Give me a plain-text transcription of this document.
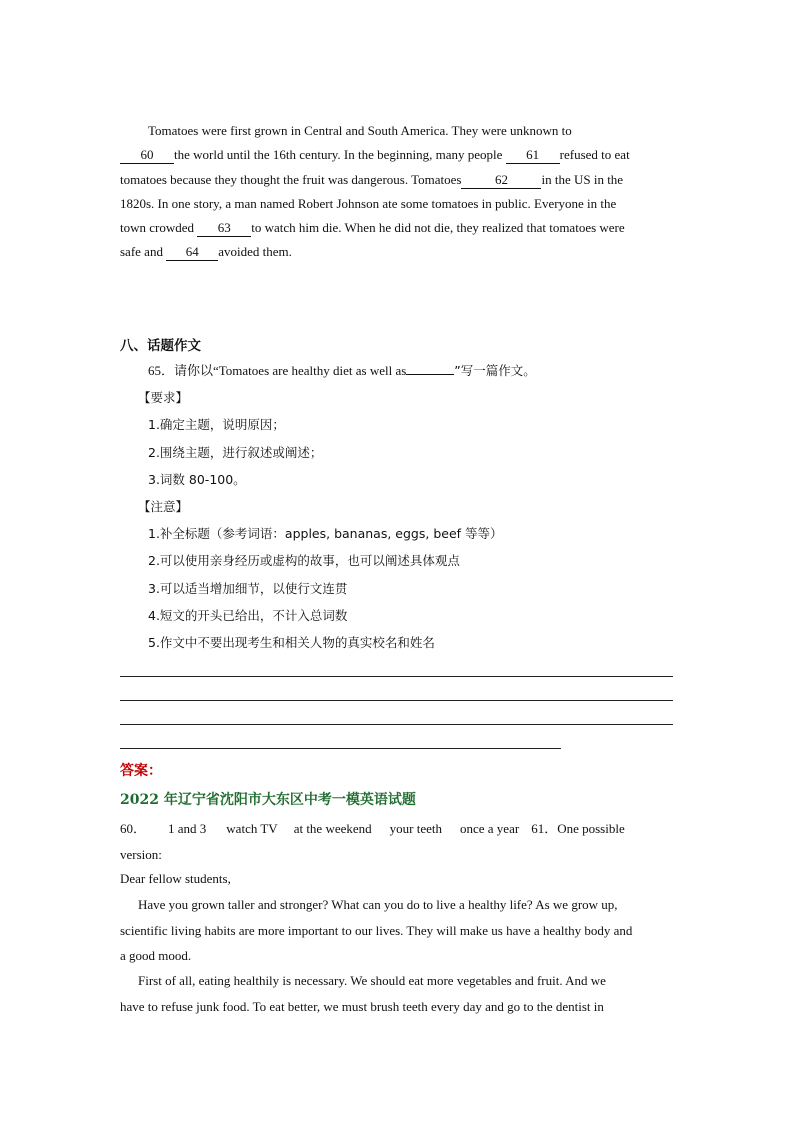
Tomatoes were first grown in Central and South America. They were unknown to
60 the world until the 16th century. In the beginning, many people 61 refused to eat
tomatoes because they thought the fruit was dangerous. Tomatoes	62	in the US in the
1820s. In one story, a man named Robert Johnson ate some tomatoes in public. Everyone in the
town crowded 63 to watch him die. When he did not die, they realized that tomatoes were
safe and 64 avoided them.
八、话题作文
65．请你以“Tomatoes are healthy diet as well as	”写一篇作文。
【要求】
1.确定主题，说明原因；
2.围绕主题，进行叙述或阐述；
3.词数 80-100。
【注意】
1.补全标题（参考词语：apples, bananas, eggs, beef 等等）
2.可以使用亲身经历或虚构的故事，也可以阐述具体观点
3.可以适当增加细节，以使行文连贯
4.短文的开头已给出，不计入总词数
5.作文中不要出现考生和相关人物的真实校名和姓名
答案：
2022 年辽宁省沈阳市大东区中考一模英语试题
60． 1 and 3 watch TV at the weekend your teeth once a year 61．One possible
version:
Dear fellow students,
Have you grown taller and stronger? What can you do to live a healthy life? As we grow up,
scientific living habits are more important to our lives. They will make us have a healthy body and
a good mood.
First of all, eating healthily is necessary. We should eat more vegetables and fruit. And we
have to refuse junk food. To eat better, we must brush teeth every day and go to the dentist in
